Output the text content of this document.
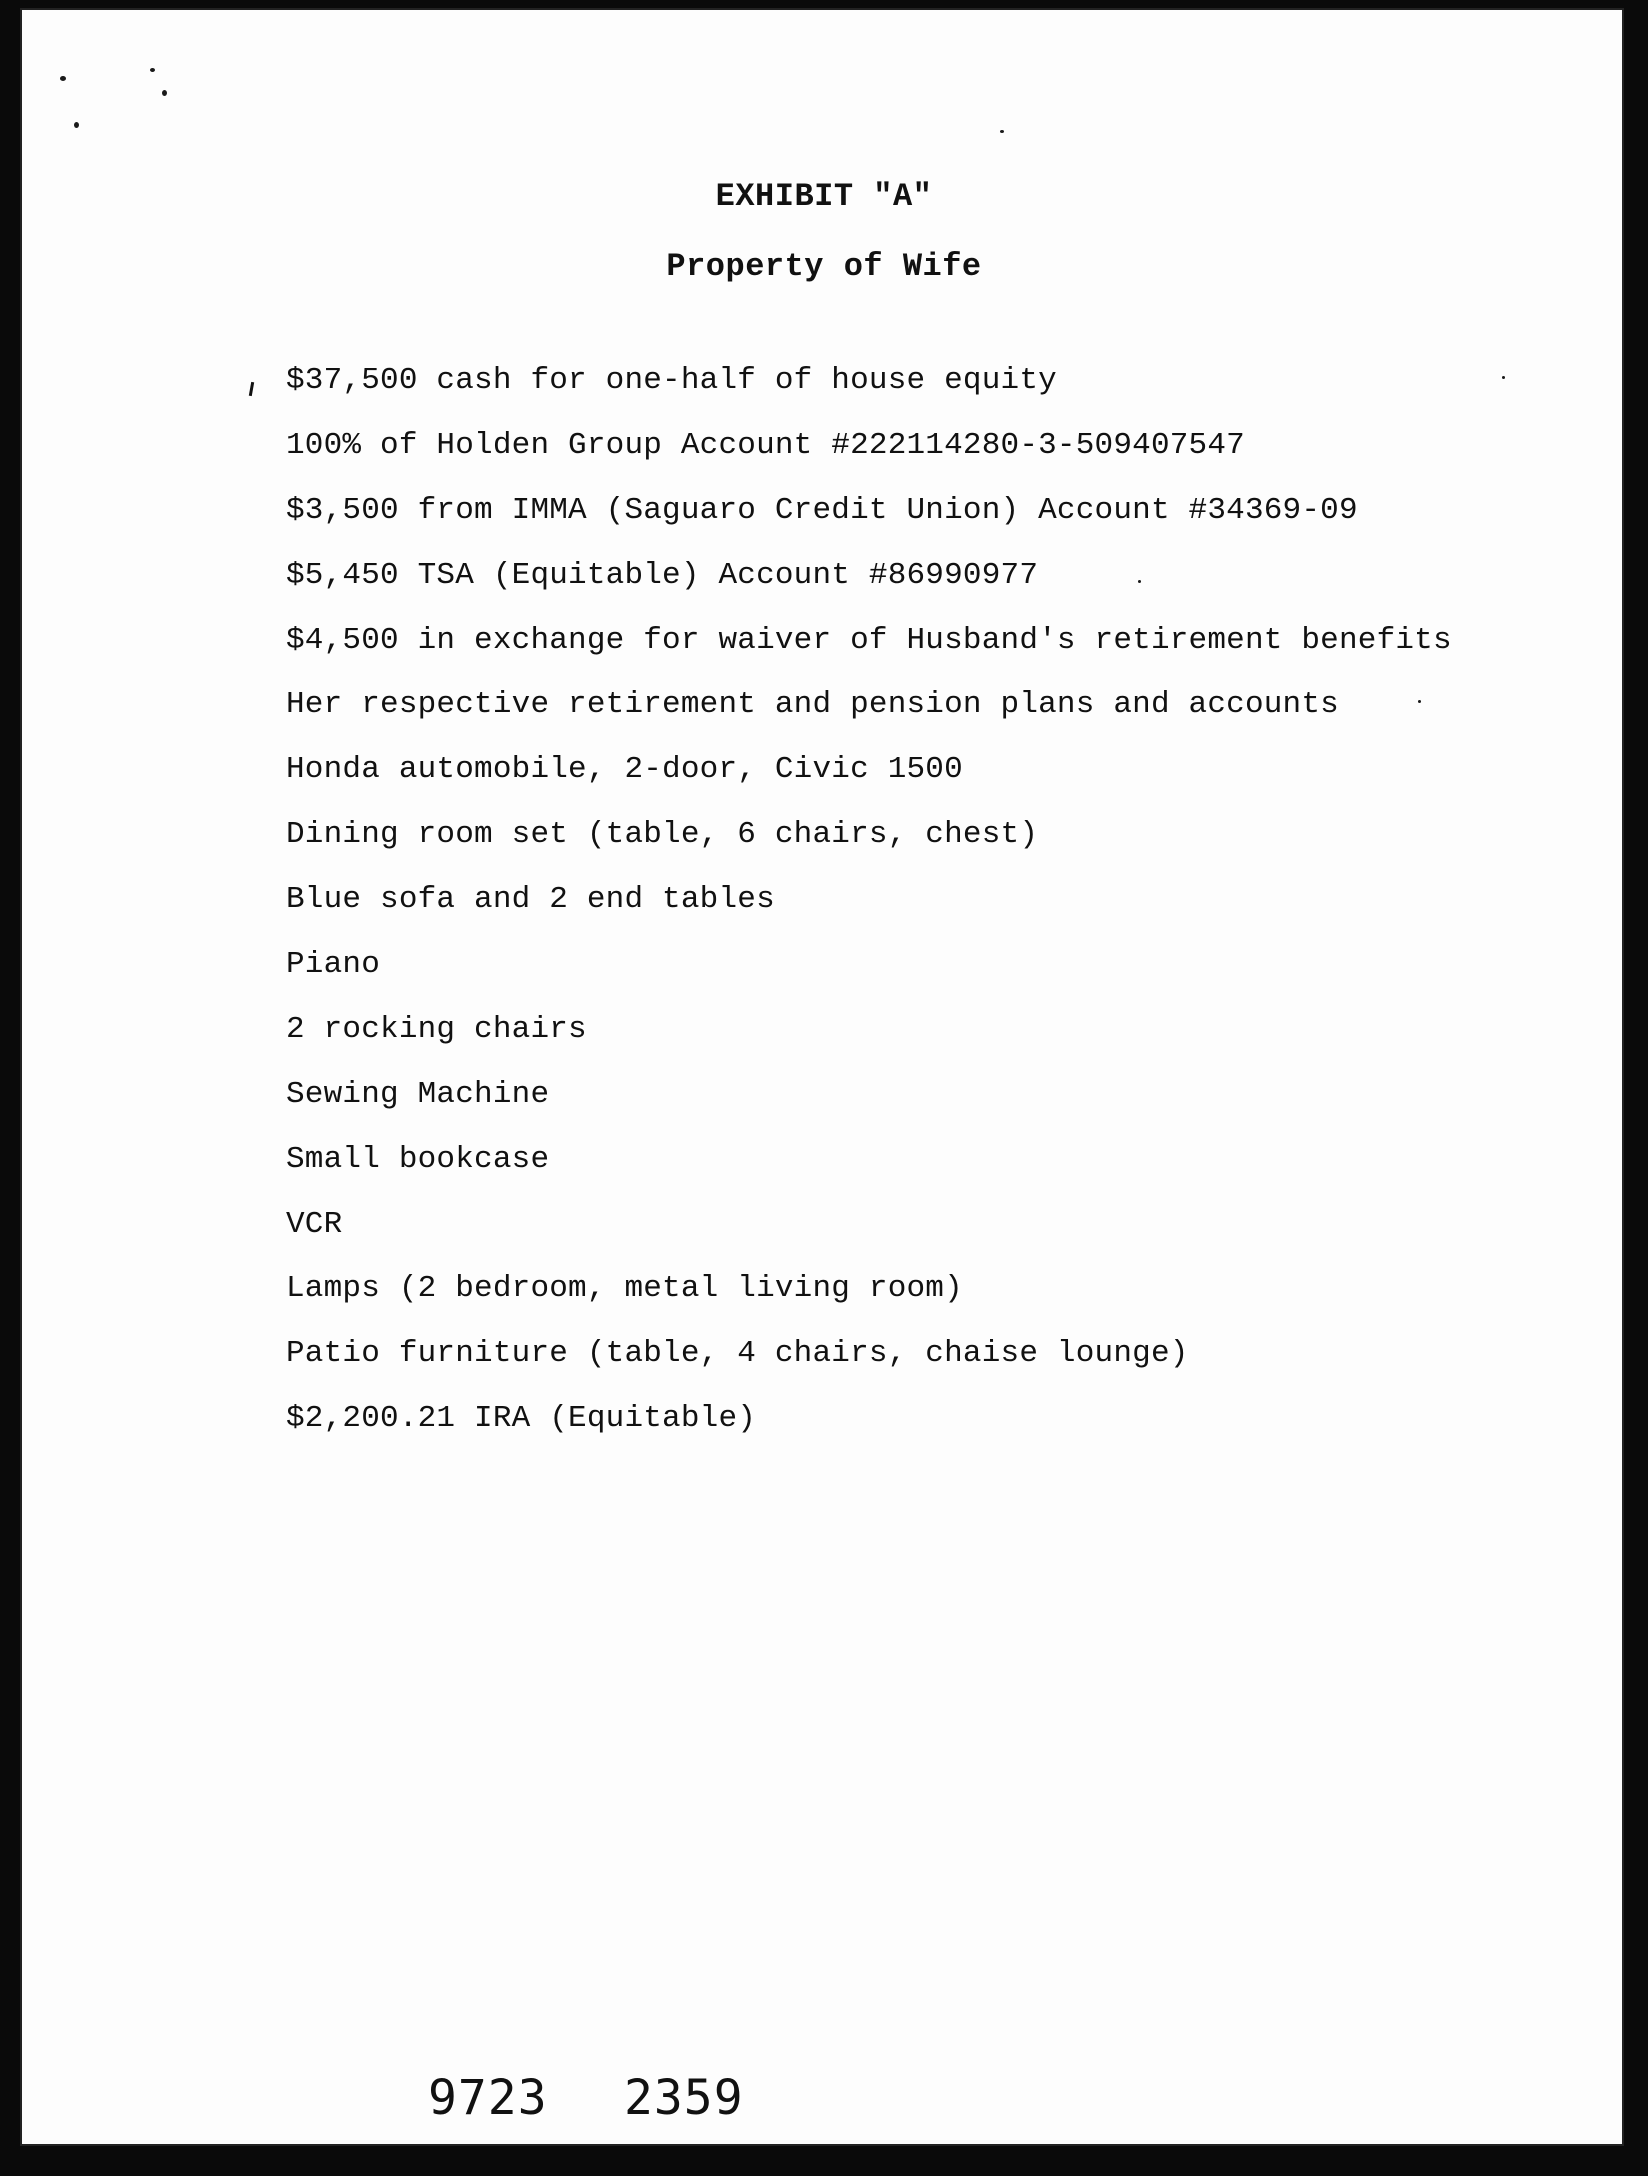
EXHIBIT "A"
Property of Wife
$37,500 cash for one-half of house equity
100% of Holden Group Account #222114280-3-509407547
$3,500 from IMMA (Saguaro Credit Union) Account #34369-09
$5,450 TSA (Equitable) Account #86990977
$4,500 in exchange for waiver of Husband's retirement benefits
Her respective retirement and pension plans and accounts
Honda automobile, 2-door, Civic 1500
Dining room set (table, 6 chairs, chest)
Blue sofa and 2 end tables
Piano
2 rocking chairs
Sewing Machine
Small bookcase
VCR
Lamps (2 bedroom, metal living room)
Patio furniture (table, 4 chairs, chaise lounge)
$2,200.21 IRA (Equitable)
9723 2359
